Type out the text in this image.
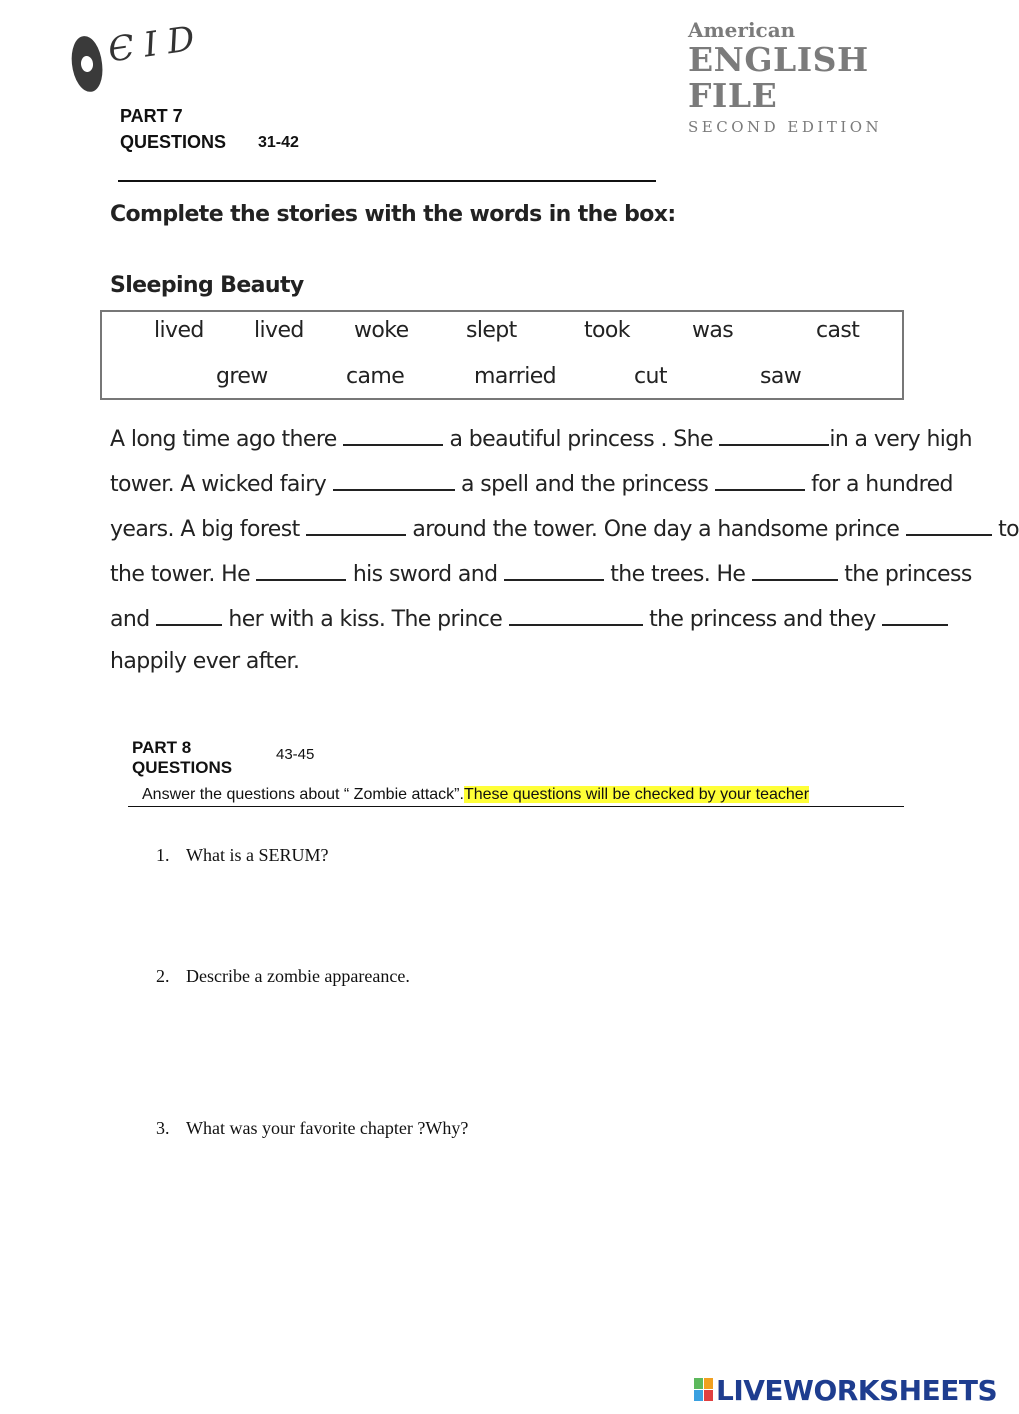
ЄID	American
ENGLISH FILE
SECOND EDITION
PART 7
QUESTIONS 31-42
Complete the stories with the words in the box:
Sleeping Beauty
lived lived woke	slept	took	was	cast
grew	came	married	cut	saw
A long time ago there	a beautiful princess . She	in a very high
tower. A wicked fairy	a spell and the princess	for a hundred
years. A big forest	around the tower. One day a handsome prince	to
the tower. He	his sword and	the trees. He	the princess
and	her with a kiss. The prince	the princess and they
happily ever after.
PART 8
QUESTIONS
43-45
Answer the questions about “ Zombie attack”.These questions will be checked by your teacher
1. What is a SERUM?
2. Describe a zombie appareance.
3. What was your favorite chapter ?Why?
LIVEWORKSHEETS
